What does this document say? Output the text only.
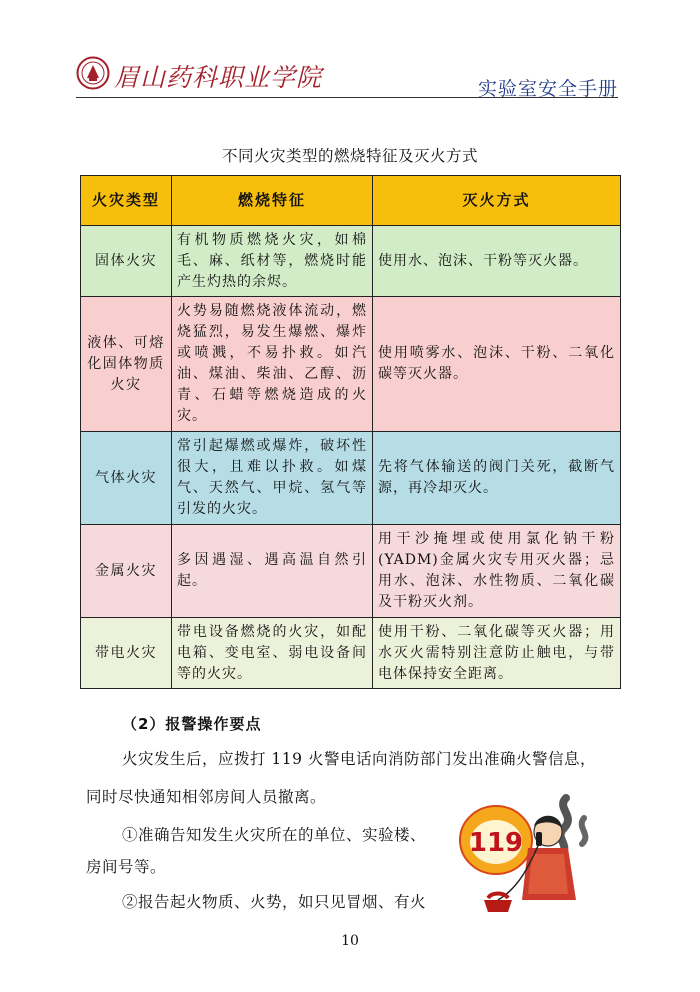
眉山药科职业学院	实验室安全手册
不同火灾类型的燃烧特征及灭火方式
火灾类型	燃烧特征	灭火方式
固体火灾	有机物质燃烧火灾，如棉毛、麻、纸材等，燃烧时能产生灼热的余烬。	使用水、泡沫、干粉等灭火器。
液体、可熔化固体物质火灾	火势易随燃烧液体流动，燃烧猛烈，易发生爆燃、爆炸或喷溅，不易扑救。如汽油、煤油、柴油、乙醇、沥青、石蜡等燃烧造成的火灾。	使用喷雾水、泡沫、干粉、二氧化碳等灭火器。
气体火灾	常引起爆燃或爆炸，破坏性很大，且难以扑救。如煤气、天然气、甲烷、氢气等引发的火灾。	先将气体输送的阀门关死，截断气源，再冷却灭火。
金属火灾	多因遇湿、遇高温自然引起。	用干沙掩埋或使用氯化钠干粉(YADM)金属火灾专用灭火器；忌用水、泡沫、水性物质、二氧化碳及干粉灭火剂。
带电火灾	带电设备燃烧的火灾，如配电箱、变电室、弱电设备间等的火灾。	使用干粉、二氧化碳等灭火器；用水灭火需特别注意防止触电，与带电体保持安全距离。
（2）报警操作要点
火灾发生后，应拨打 119 火警电话向消防部门发出准确火警信息，
同时尽快通知相邻房间人员撤离。
①准确告知发生火灾所在的单位、实验楼、
房间号等。
②报告起火物质、火势，如只见冒烟、有火
119
10
